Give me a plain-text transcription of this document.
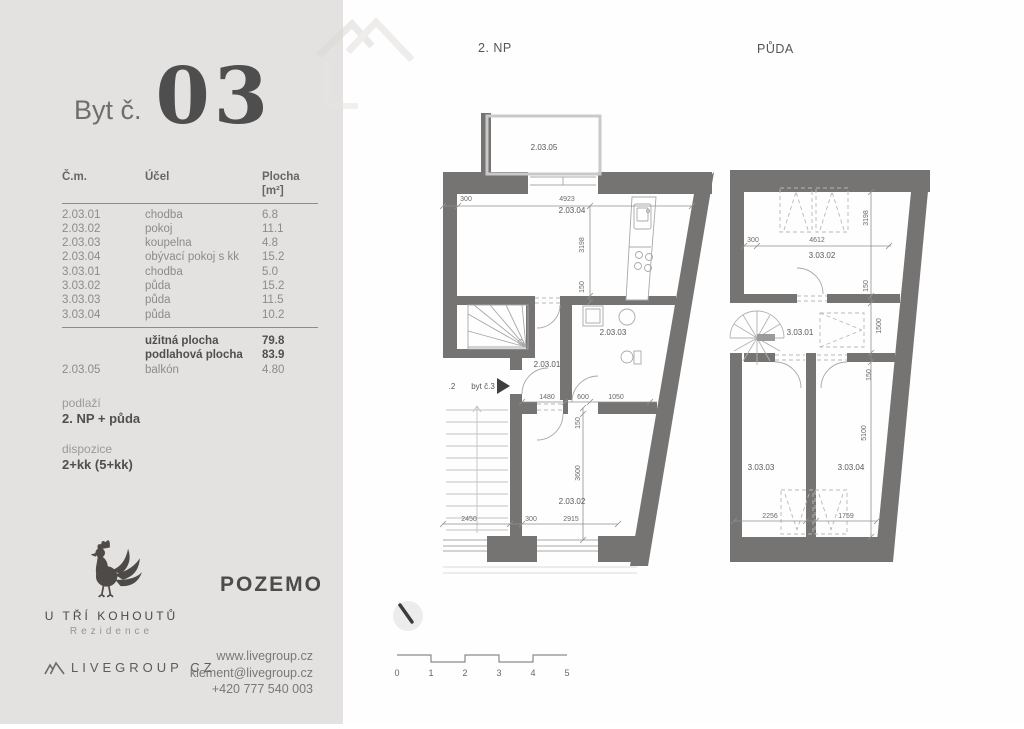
Byt č. 03
Č.m.	Účel	Plocha [m²]
2.03.01	chodba	6.8
2.03.02	pokoj	11.1
2.03.03	koupelna	4.8
2.03.04	obývací pokoj s kk	15.2
3.03.01	chodba	5.0
3.03.02	půda	15.2
3.03.03	půda	11.5
3.03.04	půda	10.2
užitná plocha	79.8
podlahová plocha	83.9
2.03.05	balkón	4.80
podlaží
2. NP + půda
dispozice
2+kk (5+kk)
U TŘÍ KOHOUTŮ
Rezidence
POZEMO
LIVEGROUP CZ
www.livegroup.cz
klement@livegroup.cz
+420 777 540 003
2. NP	PŮDA
2.03.05
300	4923
2.03.04
3198
150
2.03.03
2.03.01
.2 byt č.3
1480	600	1050
150
3600
2.03.02
2450	300	2915
300	4612
3.03.02
3198
150
3.03.01	1500
150
5100
3.03.03	3.03.04
2256	1759
0	1	2	3	4	5
